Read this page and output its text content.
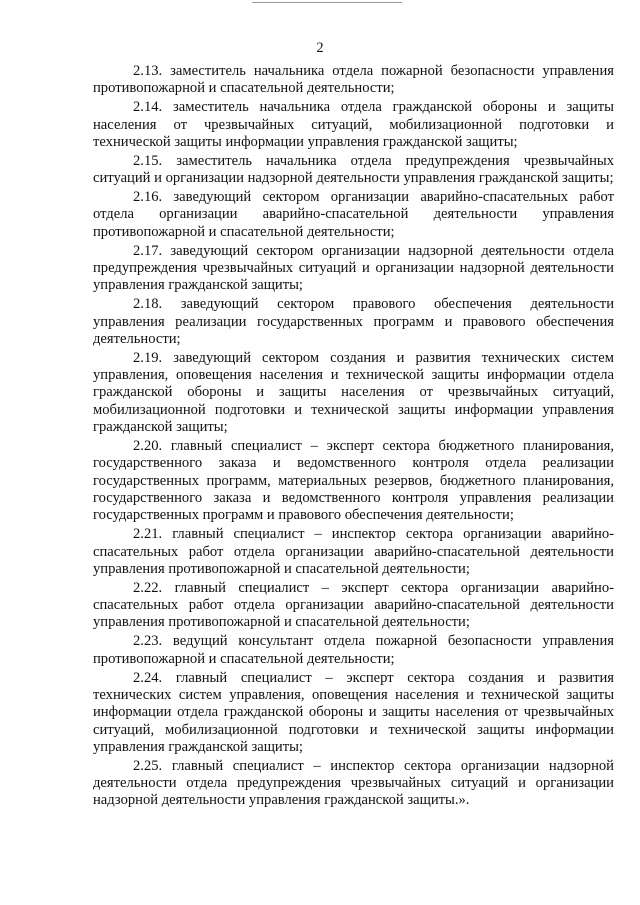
2

2.13. заместитель начальника отдела пожарной безопасности управления противопожарной и спасательной деятельности;

2.14. заместитель начальника отдела гражданской обороны и защиты населения от чрезвычайных ситуаций, мобилизационной подготовки и технической защиты информации управления гражданской защиты;

2.15. заместитель начальника отдела предупреждения чрезвычайных ситуаций и организации надзорной деятельности управления гражданской защиты;

2.16. заведующий сектором организации аварийно-спасательных работ отдела организации аварийно-спасательной деятельности управления противопожарной и спасательной деятельности;

2.17. заведующий сектором организации надзорной деятельности отдела предупреждения чрезвычайных ситуаций и организации надзорной деятельности управления гражданской защиты;

2.18. заведующий сектором правового обеспечения деятельности управления реализации государственных программ и правового обеспечения деятельности;

2.19. заведующий сектором создания и развития технических систем управления, оповещения населения и технической защиты информации отдела гражданской обороны и защиты населения от чрезвычайных ситуаций, мобилизационной подготовки и технической защиты информации управления гражданской защиты;

2.20. главный специалист – эксперт сектора бюджетного планирования, государственного заказа и ведомственного контроля отдела реализации государственных программ, материальных резервов, бюджетного планирования, государственного заказа и ведомственного контроля управления реализации государственных программ и правового обеспечения деятельности;

2.21. главный специалист – инспектор сектора организации аварийно-спасательных работ отдела организации аварийно-спасательной деятельности управления противопожарной и спасательной деятельности;

2.22. главный специалист – эксперт сектора организации аварийно-спасательных работ отдела организации аварийно-спасательной деятельности управления противопожарной и спасательной деятельности;

2.23. ведущий консультант отдела пожарной безопасности управления противопожарной и спасательной деятельности;

2.24. главный специалист – эксперт сектора создания и развития технических систем управления, оповещения населения и технической защиты информации отдела гражданской обороны и защиты населения от чрезвычайных ситуаций, мобилизационной подготовки и технической защиты информации управления гражданской защиты;

2.25. главный специалист – инспектор сектора организации надзорной деятельности отдела предупреждения чрезвычайных ситуаций и организации надзорной деятельности управления гражданской защиты.».
